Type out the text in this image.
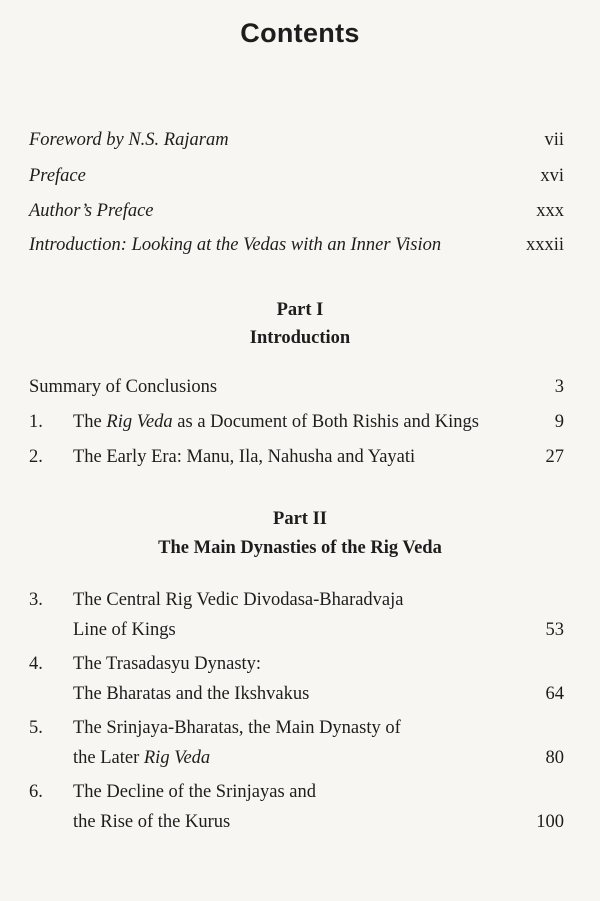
Contents
Foreword by N.S. Rajaram	vii
Preface	xvi
Author’s Preface	xxx
Introduction: Looking at the Vedas with an Inner Vision	xxxii
Part I
Introduction
Summary of Conclusions	3
1. The Rig Veda as a Document of Both Rishis and Kings	9
2. The Early Era: Manu, Ila, Nahusha and Yayati	27
Part II
The Main Dynasties of the Rig Veda
3. The Central Rig Vedic Divodasa-Bharadvaja
Line of Kings	53
4. The Trasadasyu Dynasty:
The Bharatas and the Ikshvakus	64
5. The Srinjaya-Bharatas, the Main Dynasty of
the Later Rig Veda	80
6. The Decline of the Srinjayas and
the Rise of the Kurus	100
